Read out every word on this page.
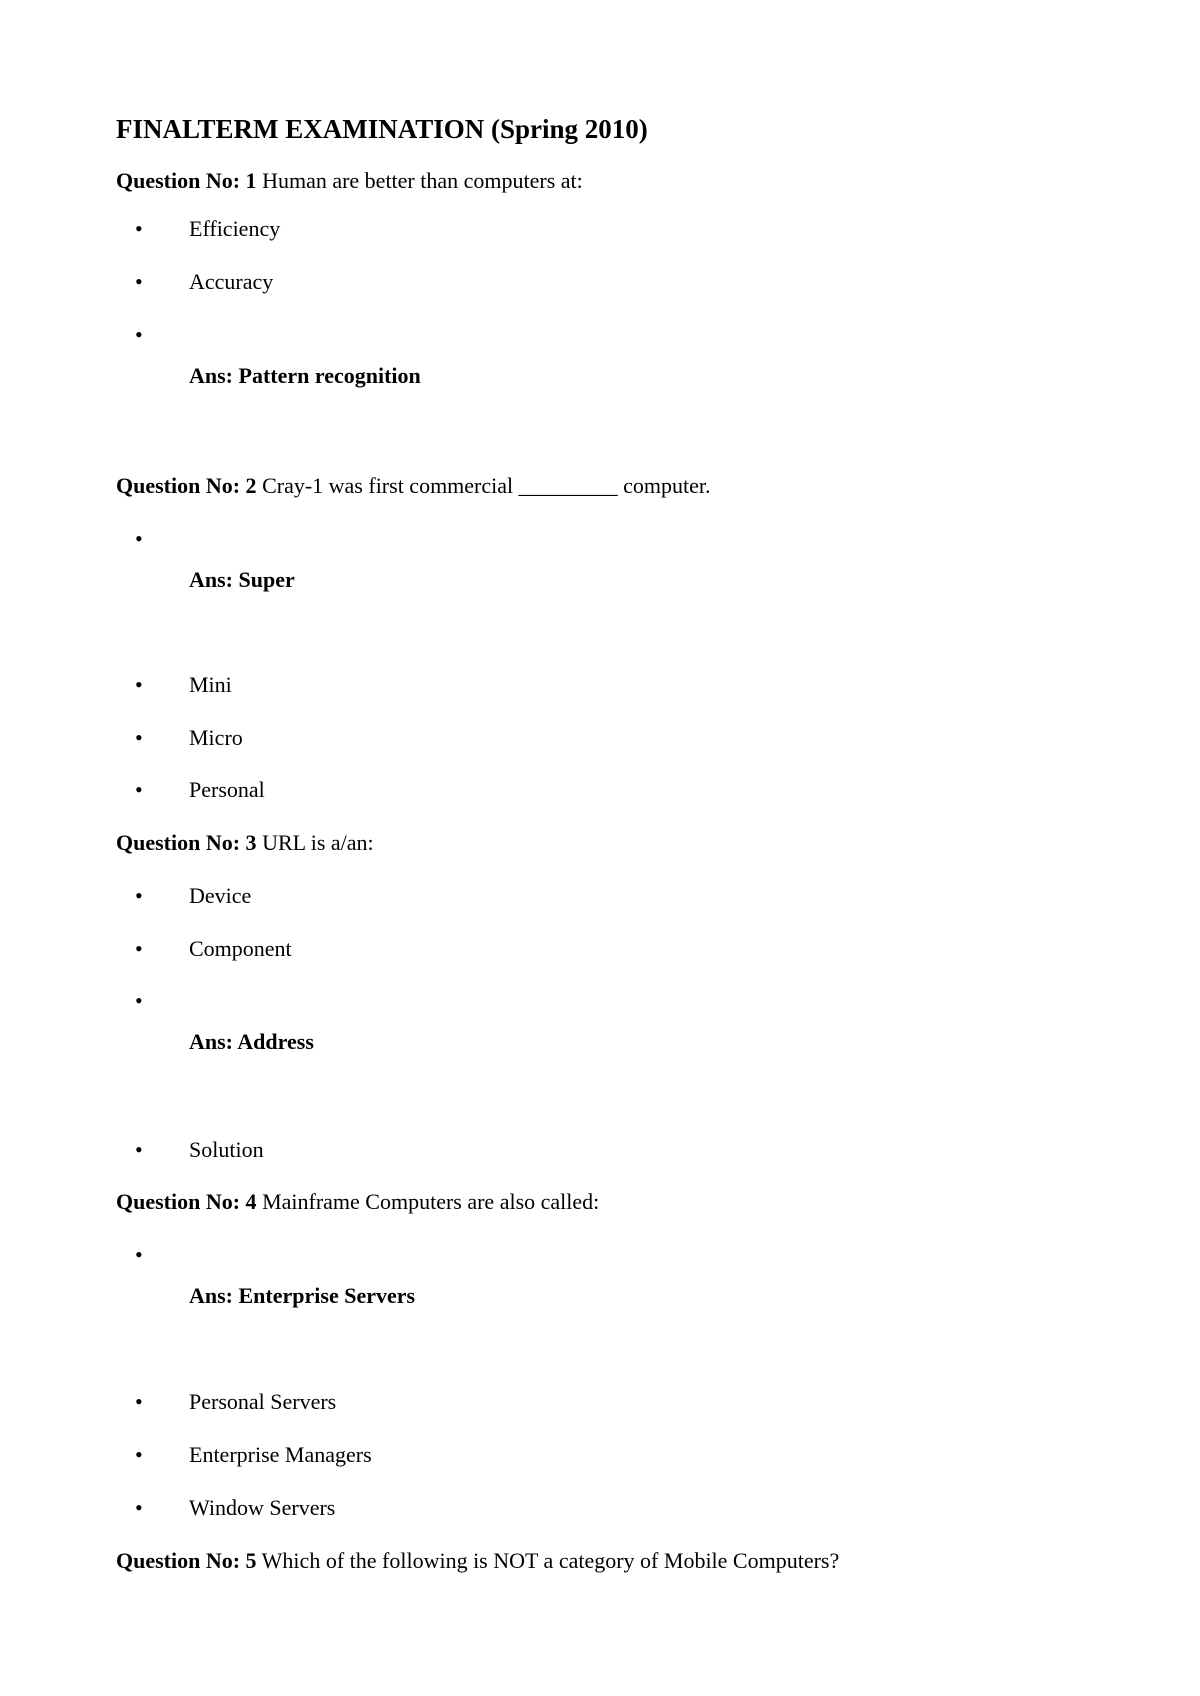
FINALTERM EXAMINATION (Spring 2010)
Question No: 1 Human are better than computers at:
• Efficiency
• Accuracy
•
Ans: Pattern recognition
Question No: 2 Cray-1 was first commercial _________ computer.
•
Ans: Super
• Mini
• Micro
• Personal
Question No: 3 URL is a/an:
• Device
• Component
•
Ans: Address
• Solution
Question No: 4 Mainframe Computers are also called:
•
Ans: Enterprise Servers
• Personal Servers
• Enterprise Managers
• Window Servers
Question No: 5 Which of the following is NOT a category of Mobile Computers?
